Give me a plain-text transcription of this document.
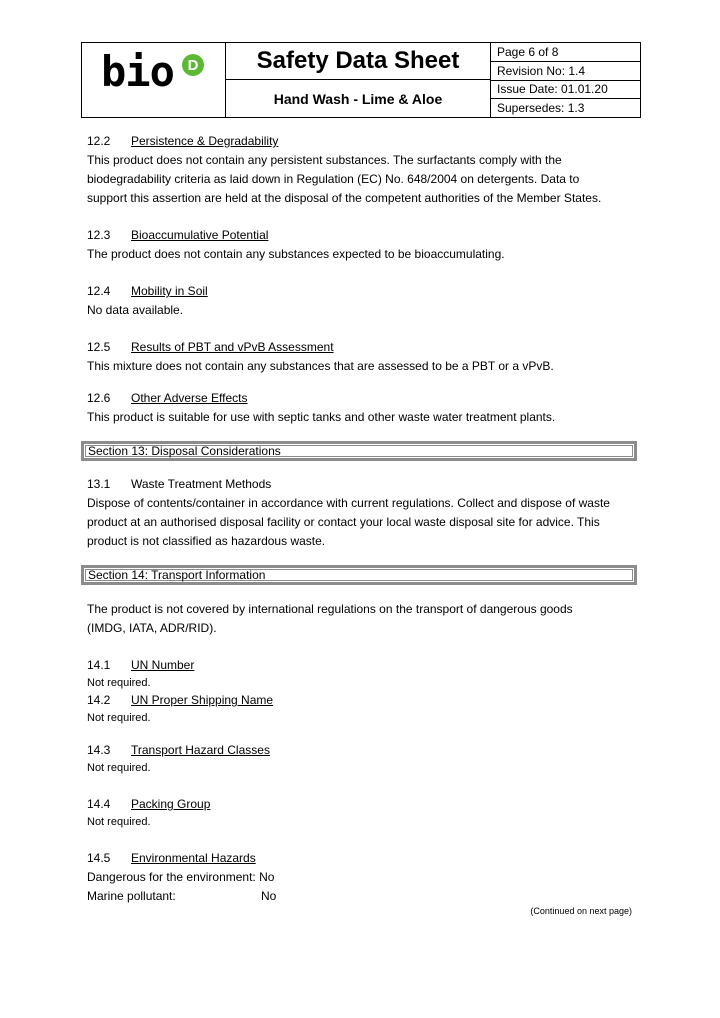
bio D	Safety Data Sheet
Hand Wash - Lime & Aloe
Page 6 of 8
Revision No: 1.4
Issue Date: 01.01.20
Supersedes: 1.3
12.2 Persistence & Degradability
This product does not contain any persistent substances. The surfactants comply with the
biodegradability criteria as laid down in Regulation (EC) No. 648/2004 on detergents. Data to
support this assertion are held at the disposal of the competent authorities of the Member States.
12.3 Bioaccumulative Potential
The product does not contain any substances expected to be bioaccumulating.
12.4 Mobility in Soil
No data available.
12.5 Results of PBT and vPvB Assessment
This mixture does not contain any substances that are assessed to be a PBT or a vPvB.
12.6 Other Adverse Effects
This product is suitable for use with septic tanks and other waste water treatment plants.
Section 13: Disposal Considerations
13.1 Waste Treatment Methods
Dispose of contents/container in accordance with current regulations. Collect and dispose of waste
product at an authorised disposal facility or contact your local waste disposal site for advice. This
product is not classified as hazardous waste.
Section 14: Transport Information
The product is not covered by international regulations on the transport of dangerous goods
(IMDG, IATA, ADR/RID).
14.1 UN Number
Not required.
14.2 UN Proper Shipping Name
Not required.
14.3 Transport Hazard Classes
Not required.
14.4 Packing Group
Not required.
14.5 Environmental Hazards
Dangerous for the environment: No
Marine pollutant:	No
(Continued on next page)
